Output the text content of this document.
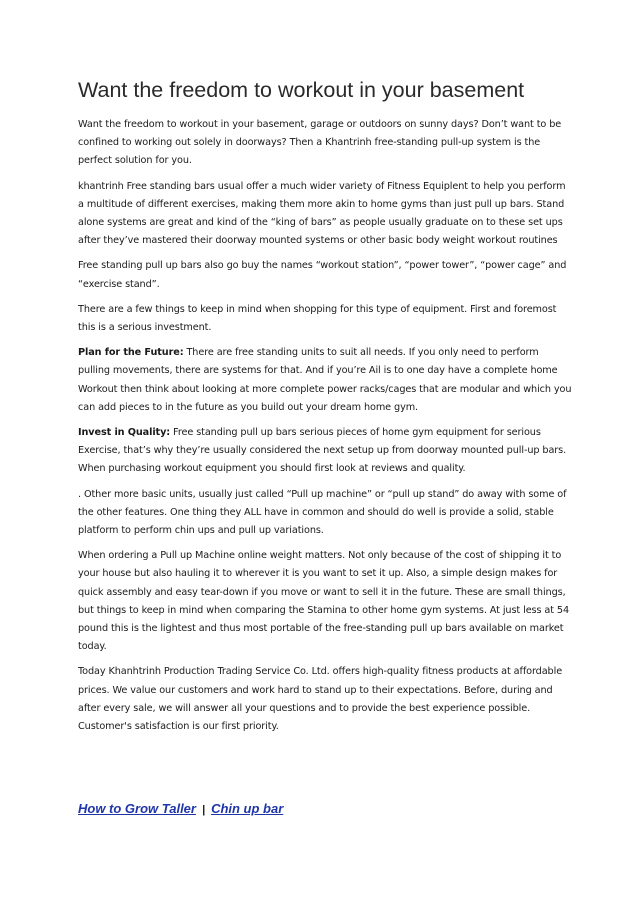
Want the freedom to workout in your basement

Want the freedom to workout in your basement, garage or outdoors on sunny days? Don’t want to be confined to working out solely in doorways? Then a Khantrinh free-standing pull-up system is the perfect solution for you.

khantrinh Free standing bars usual offer a much wider variety of Fitness Equiplent to help you perform a multitude of different exercises, making them more akin to home gyms than just pull up bars. Stand alone systems are great and kind of the “king of bars” as people usually graduate on to these set ups after they’ve mastered their doorway mounted systems or other basic body weight workout routines

Free standing pull up bars also go buy the names “workout station”, “power tower”, “power cage” and “exercise stand”.

There are a few things to keep in mind when shopping for this type of equipment. First and foremost this is a serious investment.

Plan for the Future: There are free standing units to suit all needs. If you only need to perform pulling movements, there are systems for that. And if you’re Ail is to one day have a complete home Workout then think about looking at more complete power racks/cages that are modular and which you can add pieces to in the future as you build out your dream home gym.

Invest in Quality: Free standing pull up bars serious pieces of home gym equipment for serious Exercise, that’s why they’re usually considered the next setup up from doorway mounted pull-up bars. When purchasing workout equipment you should first look at reviews and quality.

. Other more basic units, usually just called “Pull up machine” or “pull up stand” do away with some of the other features. One thing they ALL have in common and should do well is provide a solid, stable platform to perform chin ups and pull up variations.

When ordering a Pull up Machine online weight matters. Not only because of the cost of shipping it to your house but also hauling it to wherever it is you want to set it up. Also, a simple design makes for quick assembly and easy tear-down if you move or want to sell it in the future. These are small things, but things to keep in mind when comparing the Stamina to other home gym systems. At just less at 54 pound this is the lightest and thus most portable of the free-standing pull up bars available on market today.

Today Khanhtrinh Production Trading Service Co. Ltd. offers high-quality fitness products at affordable prices. We value our customers and work hard to stand up to their expectations. Before, during and after every sale, we will answer all your questions and to provide the best experience possible. Customer's satisfaction is our first priority.

How to Grow Taller | Chin up bar
